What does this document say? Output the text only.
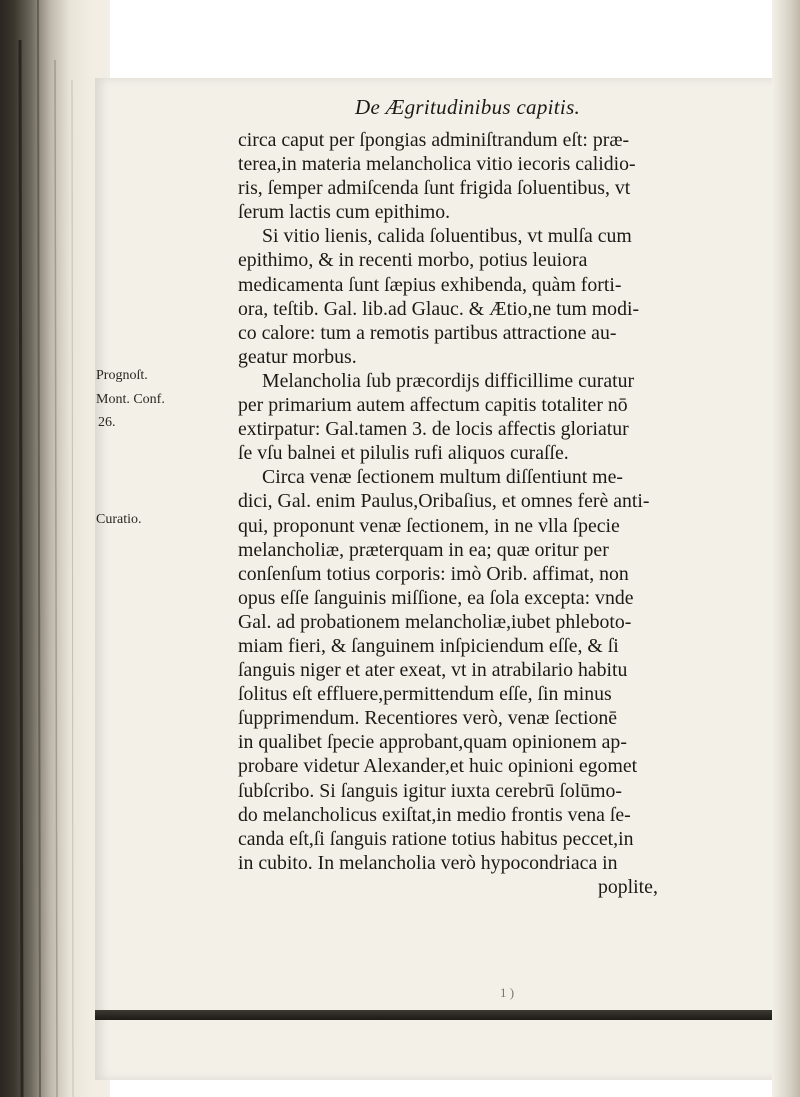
De Ægritudinibus capitis.
Prognoſt.
Mont. Conf.
26.
Curatio.
circa caput per ſpongias adminiſtrandum eſt: præ-
terea,in materia melancholica vitio iecoris calidio-
ris, ſemper admiſcenda ſunt frigida ſoluentibus, vt
ſerum lactis cum epithimo.
Si vitio lienis, calida ſoluentibus, vt mulſa cum
epithimo, & in recenti morbo, potius leuiora
medicamenta ſunt ſæpius exhibenda, quàm forti-
ora, teſtib. Gal. lib.ad Glauc. & Ætio,ne tum modi-
co calore: tum a remotis partibus attractione au-
geatur morbus.
Melancholia ſub præcordijs difficillime curatur
per primarium autem affectum capitis totaliter nō
extirpatur: Gal.tamen 3. de locis affectis gloriatur
ſe vſu balnei et pilulis rufi aliquos curaſſe.
Circa venæ ſectionem multum diſſentiunt me-
dici, Gal. enim Paulus,Oribaſius, et omnes ferè anti-
qui, proponunt venæ ſectionem, in ne vlla ſpecie
melancholiæ, præterquam in ea; quæ oritur per
conſenſum totius corporis: imò Orib. affimat, non
opus eſſe ſanguinis miſſione, ea ſola excepta: vnde
Gal. ad probationem melancholiæ,iubet phleboto-
miam fieri, & ſanguinem inſpiciendum eſſe, & ſi
ſanguis niger et ater exeat, vt in atrabilario habitu
ſolitus eſt effluere,permittendum eſſe, ſin minus
ſupprimendum. Recentiores verò, venæ ſectionē
in qualibet ſpecie approbant,quam opinionem ap-
probare videtur Alexander,et huic opinioni egomet
ſubſcribo. Si ſanguis igitur iuxta cerebrū ſolūmo-
do melancholicus exiſtat,in medio frontis vena ſe-
canda eſt,ſi ſanguis ratione totius habitus peccet,in
in cubito. In melancholia verò hypocondriaca in
poplite,
1 )
